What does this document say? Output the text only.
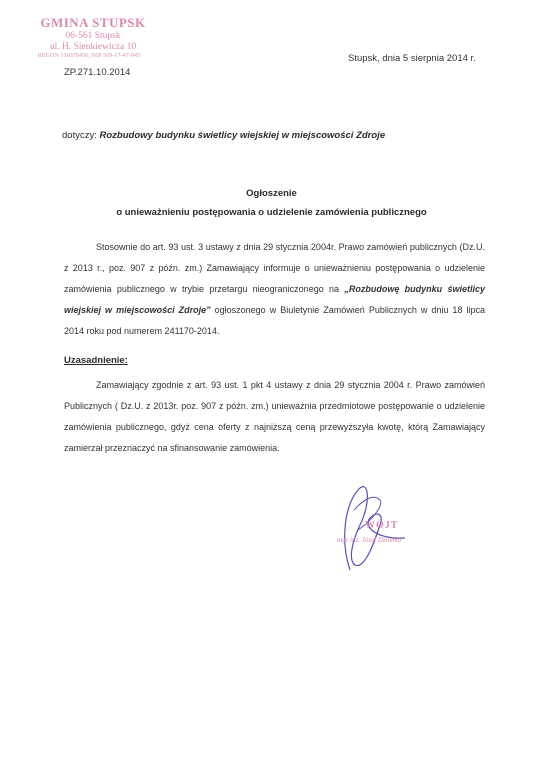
GMINA STUPSK
06-561 Stupsk
ul. H. Sienkiewicza 10
REGON 130378456, NIP 569-17-47-045
ZP.271.10.2014
Stupsk, dnia 5 sierpnia 2014 r.
dotyczy: Rozbudowy budynku świetlicy wiejskiej w miejscowości Zdroje
Ogłoszenie
o unieważnieniu postępowania o udzielenie zamówienia publicznego
Stosownie do art. 93 ust. 3 ustawy z dnia 29 stycznia 2004r. Prawo zamówień publicznych (Dz.U. z 2013 r., poz. 907 z późn. zm.) Zamawiający informuje o unieważnieniu postępowania o udzielenie zamówienia publicznego w trybie przetargu nieograniczonego na „Rozbudowę budynku świetlicy wiejskiej w miejscowości Zdroje” ogłoszonego w Biuletynie Zamówień Publicznych w dniu 18 lipca 2014 roku pod numerem 241170-2014.
Uzasadnienie:
Zamawiający zgodnie z art. 93 ust. 1 pkt 4 ustawy z dnia 29 stycznia 2004 r. Prawo zamówień Publicznych ( Dz.U. z 2013r. poz. 907 z późn. zm.) unieważnia przedmiotowe postępowanie o udzielenie zamówienia publicznego, gdyż cena oferty z najniższą ceną przewyższyła kwotę, którą Zamawiający zamierzał przeznaczyć na sfinansowanie zamówienia.
WÓJT
mgr inż. Józef Dziubko
